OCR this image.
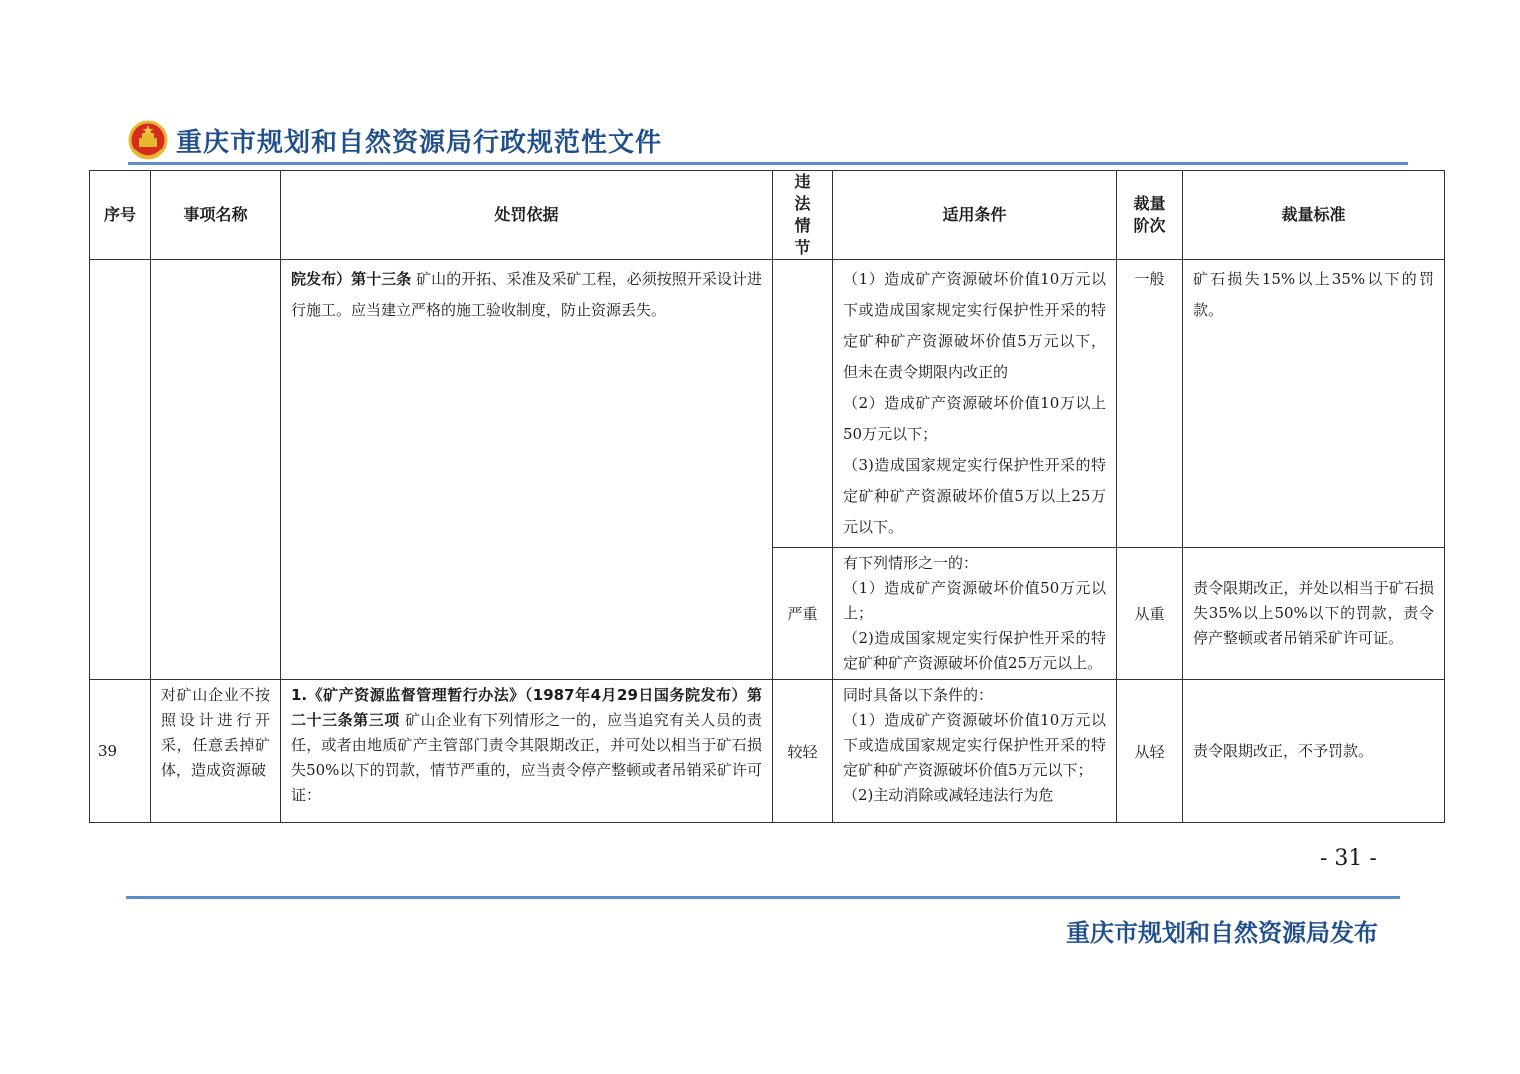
重庆市规划和自然资源局行政规范性文件
序号	事项名称	处罚依据	违法情节	适用条件	裁量阶次	裁量标准

		院发布）第十三条 矿山的开拓、采准及采矿工程，必须按照开采设计进行施工。应当建立严格的施工验收制度，防止资源丢失。		（1）造成矿产资源破坏价值10万元以下或造成国家规定实行保护性开采的特定矿种矿产资源破坏价值5万元以下，但未在责令期限内改正的
（2）造成矿产资源破坏价值10万以上50万元以下；
（3)造成国家规定实行保护性开采的特定矿种矿产资源破坏价值5万以上25万元以下。	一般	矿石损失15%以上35%以下的罚款。

			严重	有下列情形之一的：
（1）造成矿产资源破坏价值50万元以上；
（2)造成国家规定实行保护性开采的特定矿种矿产资源破坏价值25万元以上。	从重	责令限期改正，并处以相当于矿石损失35%以上50%以下的罚款，责令停产整顿或者吊销采矿许可证。

39	对矿山企业不按照设计进行开采，任意丢掉矿体，造成资源破	1.《矿产资源监督管理暂行办法》（1987年4月29日国务院发布）第二十三条第三项 矿山企业有下列情形之一的，应当追究有关人员的责任，或者由地质矿产主管部门责令其限期改正，并可处以相当于矿石损失50%以下的罚款，情节严重的，应当责令停产整顿或者吊销采矿许可证：	较轻	同时具备以下条件的：
（1）造成矿产资源破坏价值10万元以下或造成国家规定实行保护性开采的特定矿种矿产资源破坏价值5万元以下；
（2)主动消除或减轻违法行为危	从轻	责令限期改正，不予罚款。
- 31 -
重庆市规划和自然资源局发布
